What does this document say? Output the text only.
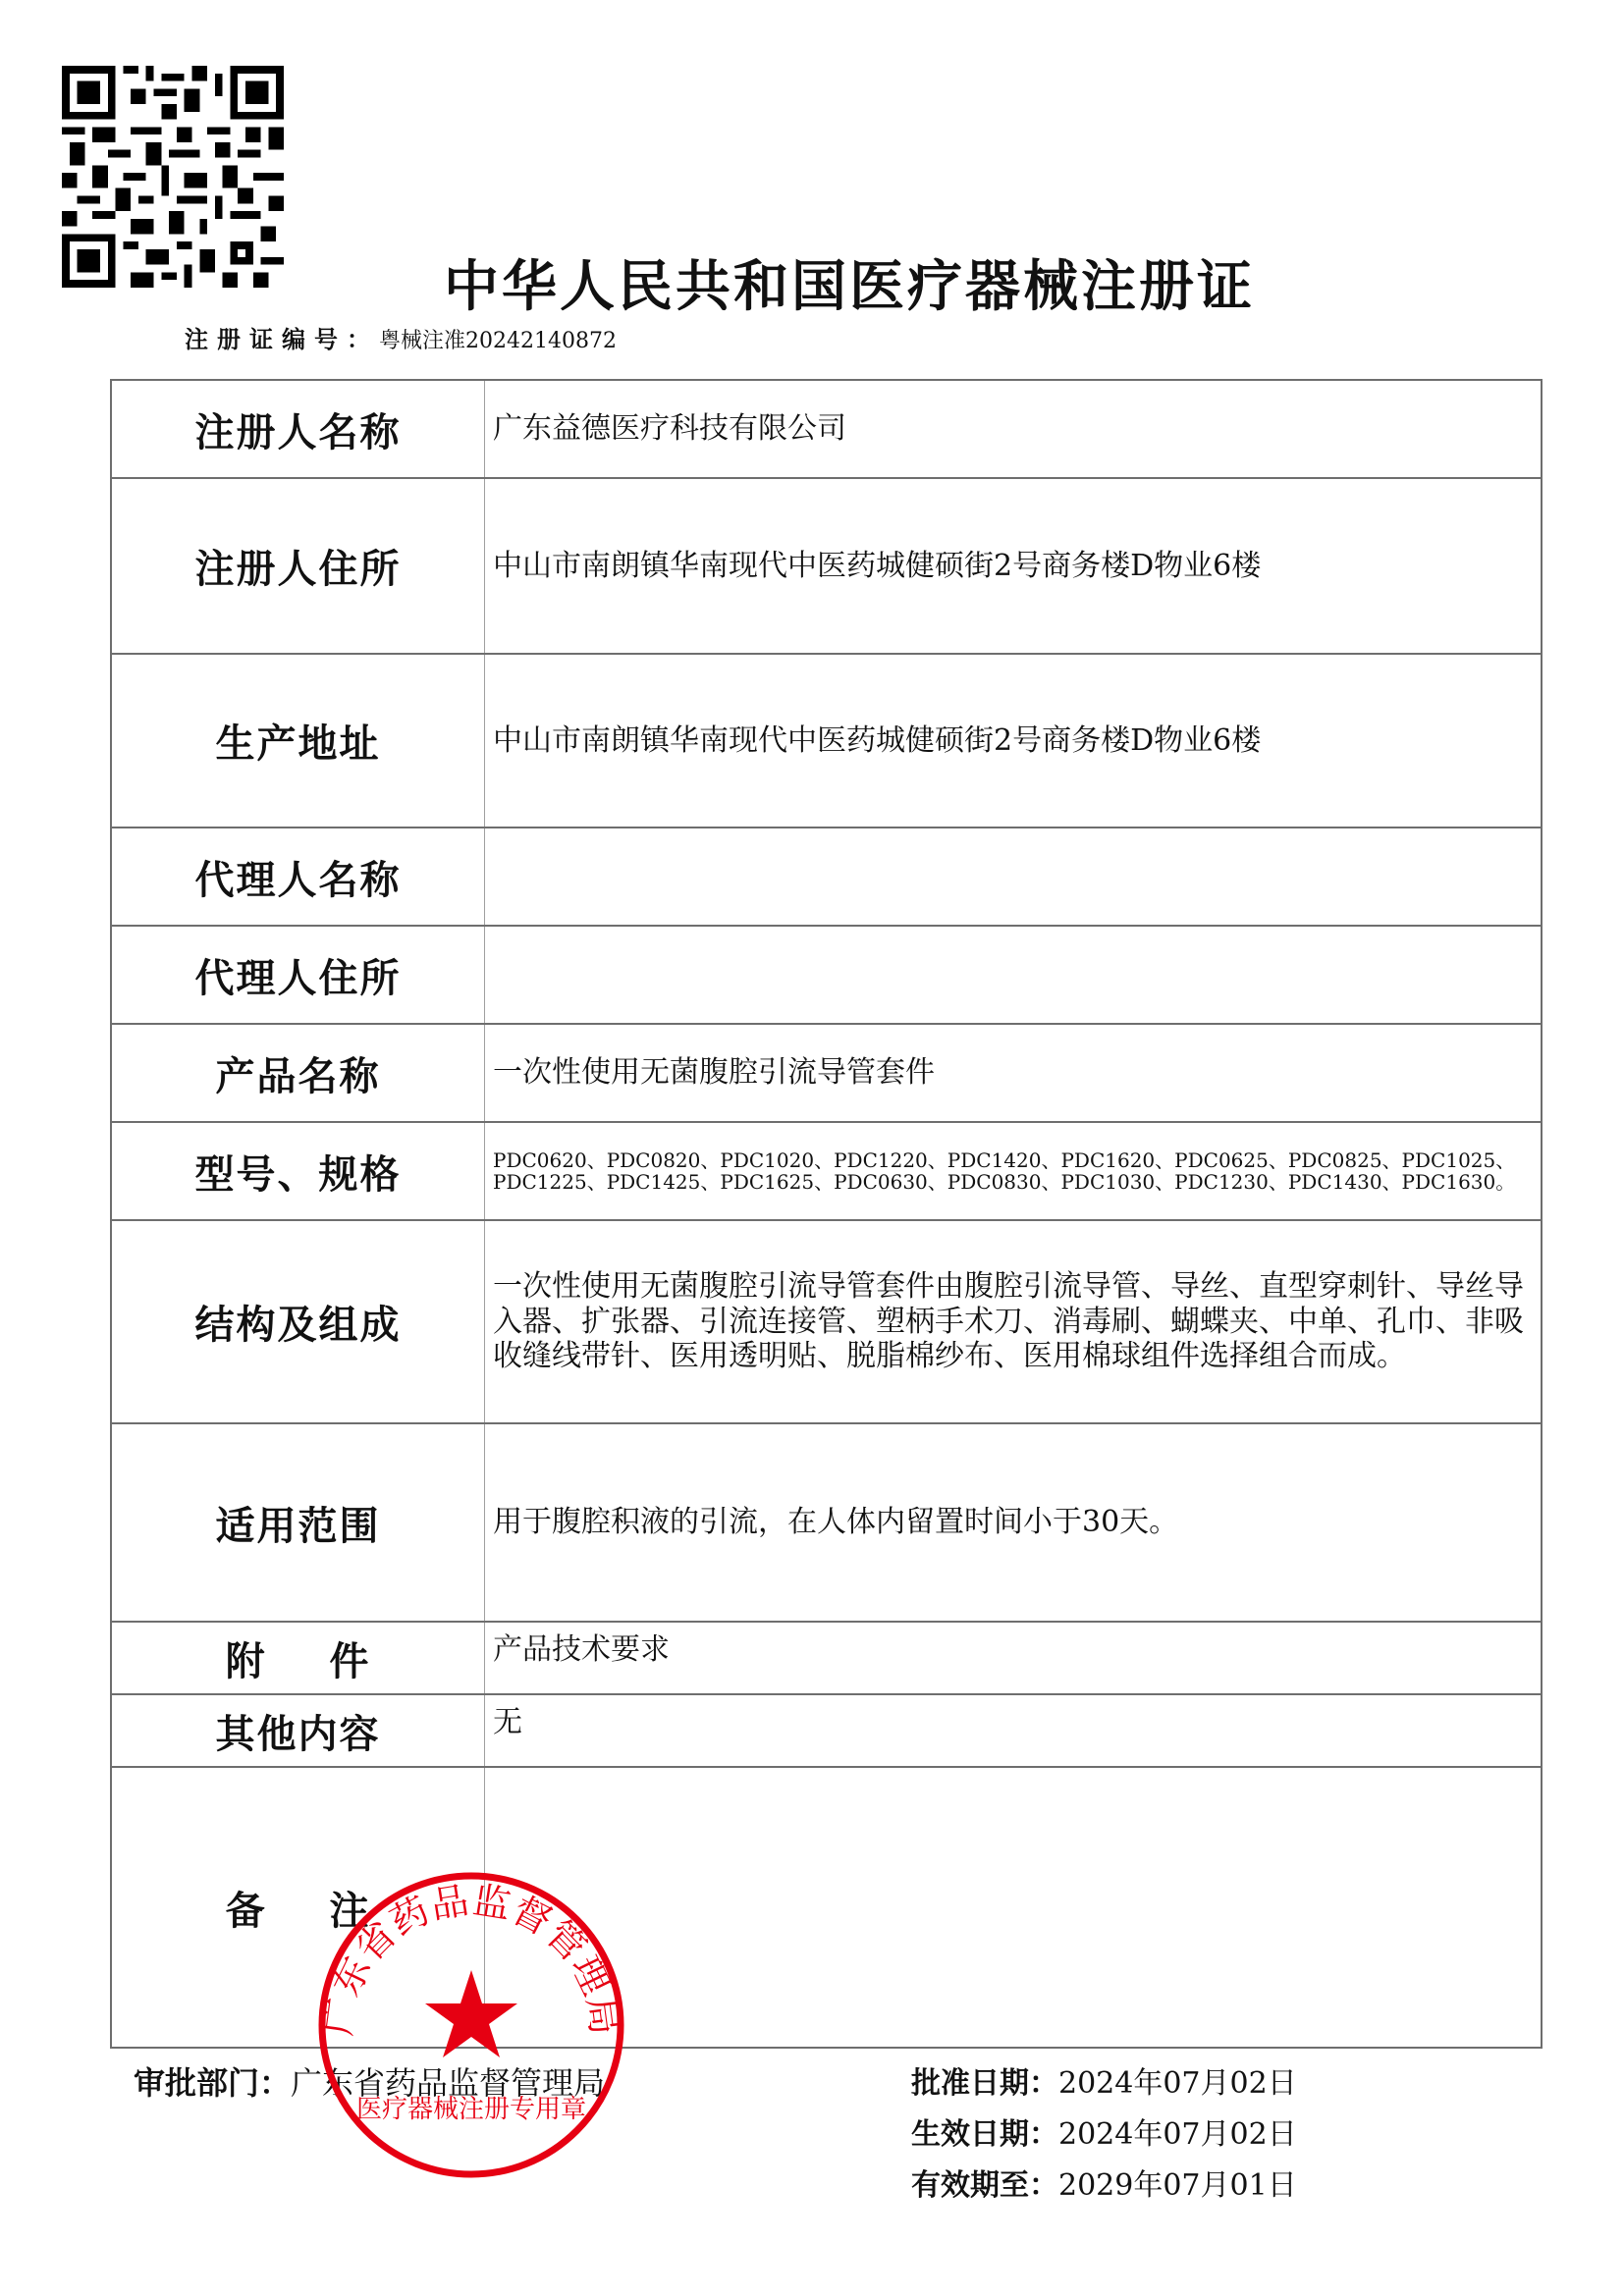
中华人民共和国医疗器械注册证
注册证编号：粤械注准20242140872
注册人名称	广东益德医疗科技有限公司
注册人住所	中山市南朗镇华南现代中医药城健硕街2号商务楼D物业6楼
生产地址	中山市南朗镇华南现代中医药城健硕街2号商务楼D物业6楼
代理人名称	
代理人住所	
产品名称	一次性使用无菌腹腔引流导管套件
型号、规格	PDC0620、PDC0820、PDC1020、PDC1220、PDC1420、PDC1620、PDC0625、PDC0825、PDC1025、PDC1225、PDC1425、PDC1625、PDC0630、PDC0830、PDC1030、PDC1230、PDC1430、PDC1630。
结构及组成	一次性使用无菌腹腔引流导管套件由腹腔引流导管、导丝、直型穿刺针、导丝导入器、扩张器、引流连接管、塑柄手术刀、消毒刷、蝴蝶夹、中单、孔巾、非吸收缝线带针、医用透明贴、脱脂棉纱布、医用棉球组件选择组合而成。
适用范围	用于腹腔积液的引流，在人体内留置时间小于30天。
附    件	产品技术要求
其他内容	无
备    注	
审批部门：广东省药品监督管理局	批准日期：2024年07月02日
生效日期：2024年07月02日
有效期至：2029年07月01日
广东省药品监督管理局
医疗器械注册专用章
